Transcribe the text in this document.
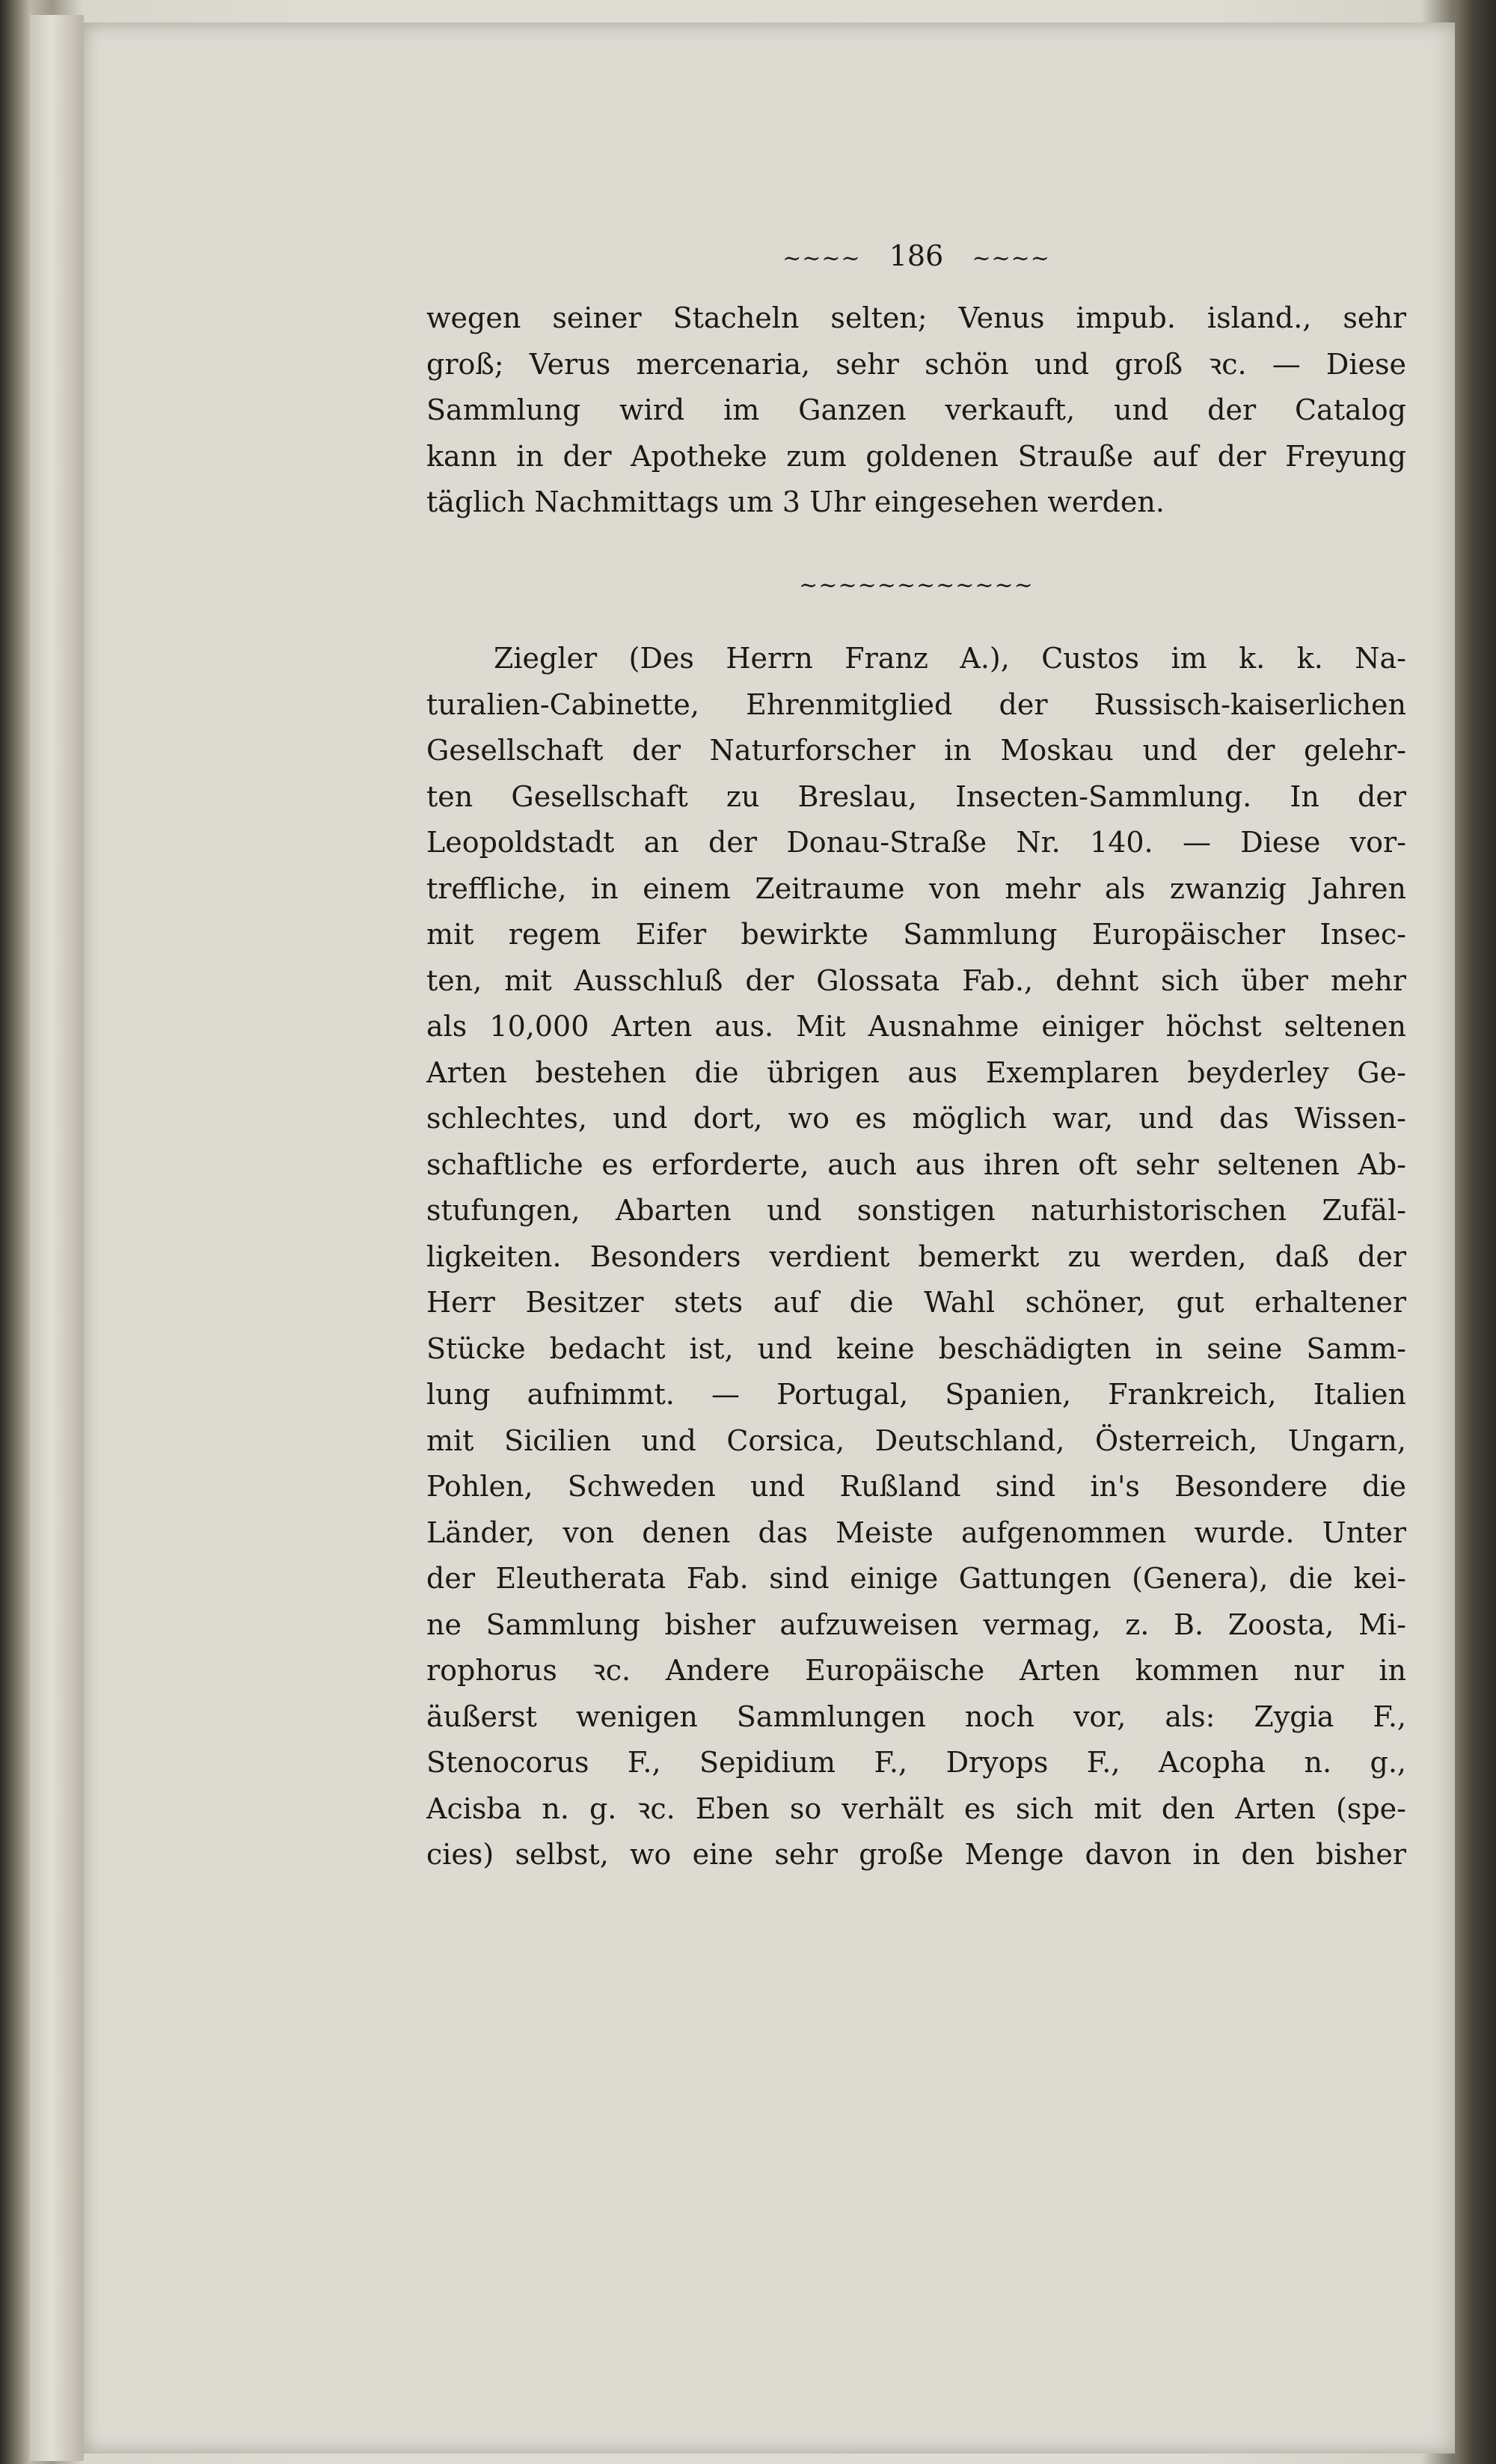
~~~~ 186 ~~~~
wegen seiner Stacheln selten; Venus impub. island., sehr
groß; Verus mercenaria, sehr schön und groß ꝛc. — Diese
Sammlung wird im Ganzen verkauft, und der Catalog
kann in der Apotheke zum goldenen Strauße auf der Freyung
täglich Nachmittags um 3 Uhr eingesehen werden.
~~~~~~~~~~~~
Ziegler (Des Herrn Franz A.), Custos im k. k. Na-
turalien-Cabinette, Ehrenmitglied der Russisch-kaiserlichen
Gesellschaft der Naturforscher in Moskau und der gelehr-
ten Gesellschaft zu Breslau, Insecten-Sammlung. In der
Leopoldstadt an der Donau-Straße Nr. 140. — Diese vor-
treffliche, in einem Zeitraume von mehr als zwanzig Jahren
mit regem Eifer bewirkte Sammlung Europäischer Insec-
ten, mit Ausschluß der Glossata Fab., dehnt sich über mehr
als 10,000 Arten aus. Mit Ausnahme einiger höchst seltenen
Arten bestehen die übrigen aus Exemplaren beyderley Ge-
schlechtes, und dort, wo es möglich war, und das Wissen-
schaftliche es erforderte, auch aus ihren oft sehr seltenen Ab-
stufungen, Abarten und sonstigen naturhistorischen Zufäl-
ligkeiten. Besonders verdient bemerkt zu werden, daß der
Herr Besitzer stets auf die Wahl schöner, gut erhaltener
Stücke bedacht ist, und keine beschädigten in seine Samm-
lung aufnimmt. — Portugal, Spanien, Frankreich, Italien
mit Sicilien und Corsica, Deutschland, Österreich, Ungarn,
Pohlen, Schweden und Rußland sind in's Besondere die
Länder, von denen das Meiste aufgenommen wurde. Unter
der Eleutherata Fab. sind einige Gattungen (Genera), die kei-
ne Sammlung bisher aufzuweisen vermag, z. B. Zoosta, Mi-
rophorus ꝛc. Andere Europäische Arten kommen nur in
äußerst wenigen Sammlungen noch vor, als: Zygia F.,
Stenocorus F., Sepidium F., Dryops F., Acopha n. g.,
Acisba n. g. ꝛc. Eben so verhält es sich mit den Arten (spe-
cies) selbst, wo eine sehr große Menge davon in den bisher
